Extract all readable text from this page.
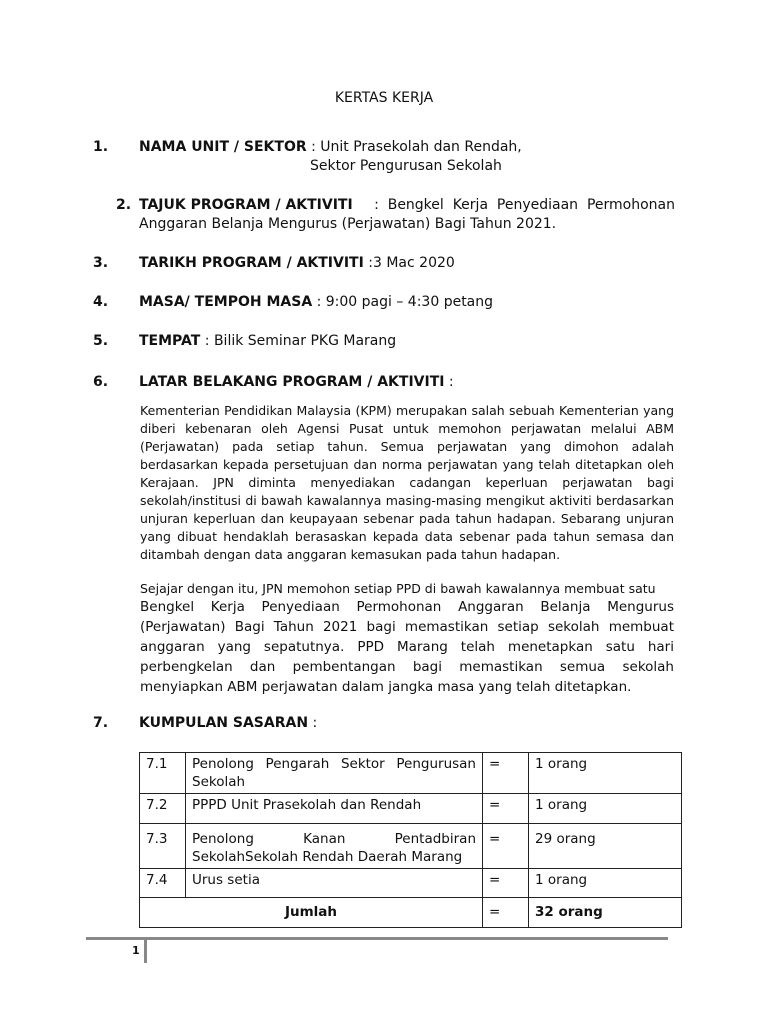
KERTAS KERJA
1. NAMA UNIT / SEKTOR : Unit Prasekolah dan Rendah,
Sektor Pengurusan Sekolah
2. TAJUK PROGRAM / AKTIVITI :  Bengkel  Kerja  Penyediaan  Permohonan
Anggaran Belanja Mengurus (Perjawatan) Bagi Tahun 2021.
3. TARIKH PROGRAM / AKTIVITI :3 Mac 2020
4. MASA/ TEMPOH MASA : 9:00 pagi – 4:30 petang
5. TEMPAT : Bilik Seminar PKG Marang
6. LATAR BELAKANG PROGRAM / AKTIVITI :
Kementerian Pendidikan Malaysia (KPM) merupakan salah sebuah Kementerian yang
diberi kebenaran oleh Agensi Pusat untuk memohon perjawatan melalui ABM
(Perjawatan) pada setiap tahun. Semua perjawatan yang dimohon adalah
berdasarkan kepada persetujuan dan norma perjawatan yang telah ditetapkan oleh
Kerajaan. JPN diminta menyediakan cadangan keperluan perjawatan bagi
sekolah/institusi di bawah kawalannya masing-masing mengikut aktiviti berdasarkan
unjuran keperluan dan keupayaan sebenar pada tahun hadapan. Sebarang unjuran
yang dibuat hendaklah berasaskan kepada data sebenar pada tahun semasa dan
ditambah dengan data anggaran kemasukan pada tahun hadapan.
Sejajar dengan itu, JPN memohon setiap PPD di bawah kawalannya membuat satu
Bengkel Kerja Penyediaan Permohonan Anggaran Belanja Mengurus
(Perjawatan) Bagi Tahun 2021 bagi memastikan setiap sekolah membuat
anggaran yang sepatutnya. PPD Marang telah menetapkan satu hari
perbengkelan dan pembentangan bagi memastikan semua sekolah
menyiapkan ABM perjawatan dalam jangka masa yang telah ditetapkan.
7. KUMPULAN SASARAN :
7.1	Penolong Pengarah Sektor Pengurusan
Sekolah	=	1 orang
7.2	PPPD Unit Prasekolah dan Rendah	=	1 orang
7.3	Penolong      Kanan      Pentadbiran
SekolahSekolah Rendah Daerah Marang	=	29 orang
7.4	Urus setia	=	1 orang
Jumlah		=	32 orang
1
